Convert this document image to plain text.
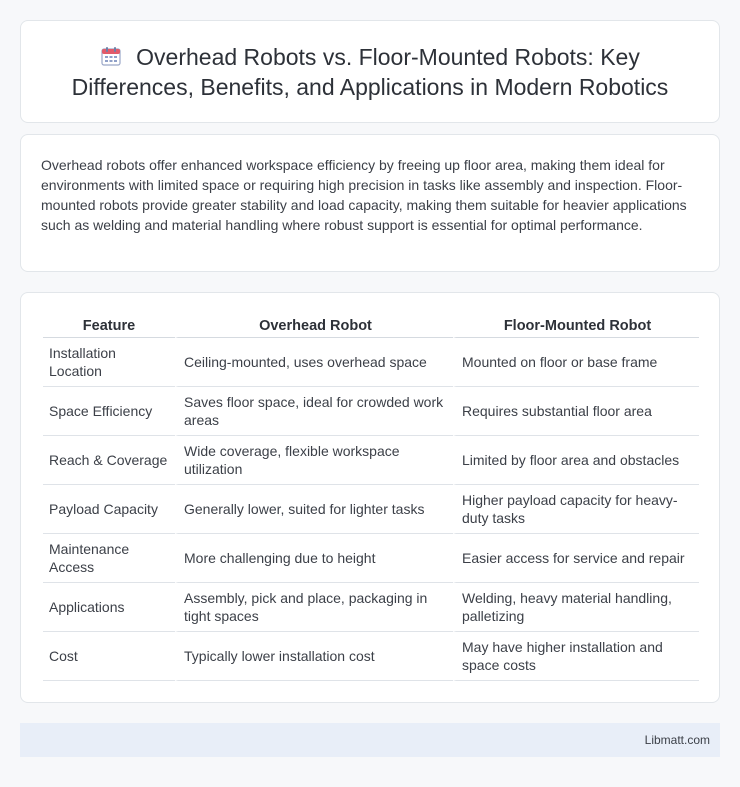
Overhead Robots vs. Floor-Mounted Robots: Key Differences, Benefits, and Applications in Modern Robotics

Overhead robots offer enhanced workspace efficiency by freeing up floor area, making them ideal for environments with limited space or requiring high precision in tasks like assembly and inspection. Floor-mounted robots provide greater stability and load capacity, making them suitable for heavier applications such as welding and material handling where robust support is essential for optimal performance.

Feature	Overhead Robot	Floor-Mounted Robot
Installation Location	Ceiling-mounted, uses overhead space	Mounted on floor or base frame
Space Efficiency	Saves floor space, ideal for crowded work areas	Requires substantial floor area
Reach & Coverage	Wide coverage, flexible workspace utilization	Limited by floor area and obstacles
Payload Capacity	Generally lower, suited for lighter tasks	Higher payload capacity for heavy-duty tasks
Maintenance Access	More challenging due to height	Easier access for service and repair
Applications	Assembly, pick and place, packaging in tight spaces	Welding, heavy material handling, palletizing
Cost	Typically lower installation cost	May have higher installation and space costs
Libmatt.com
